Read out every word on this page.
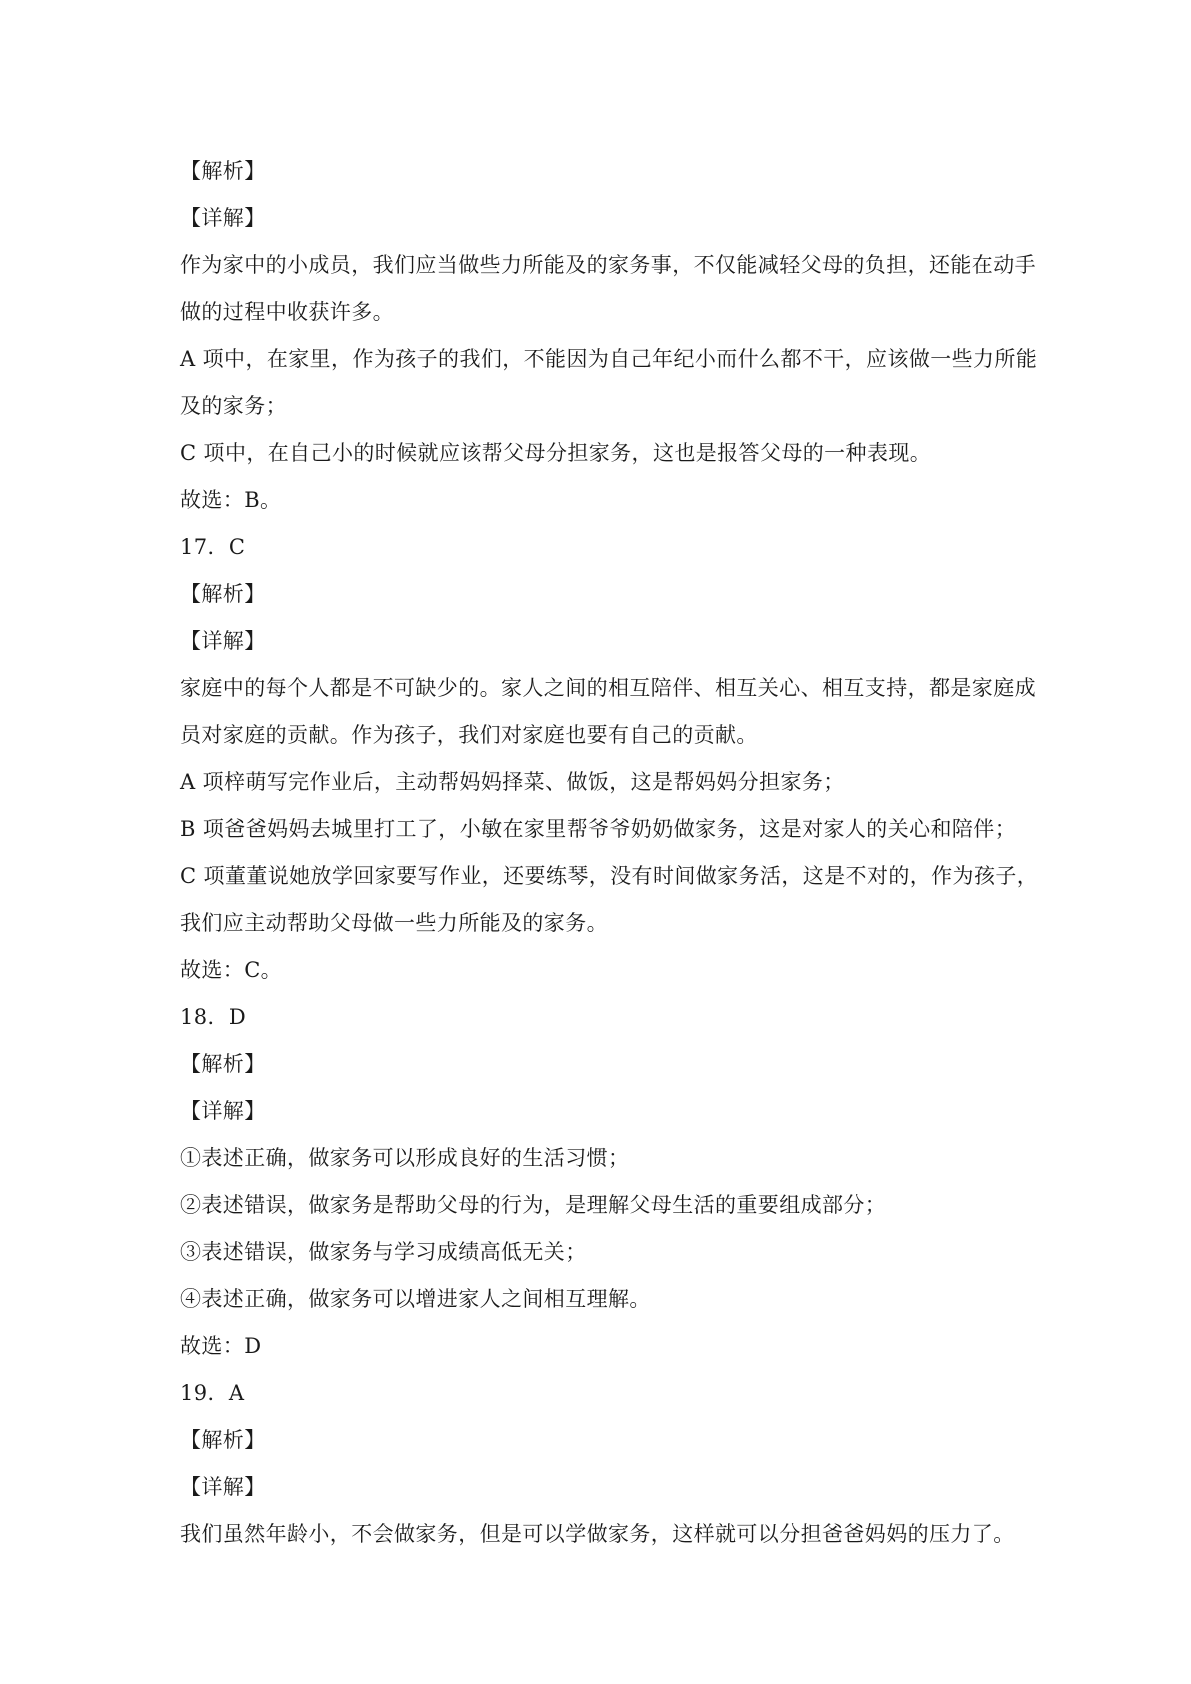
【解析】
【详解】
作为家中的小成员，我们应当做些力所能及的家务事，不仅能减轻父母的负担，还能在动手
做的过程中收获许多。
A 项中，在家里，作为孩子的我们，不能因为自己年纪小而什么都不干，应该做一些力所能
及的家务；
C 项中，在自己小的时候就应该帮父母分担家务，这也是报答父母的一种表现。
故选：B。
17．C
【解析】
【详解】
家庭中的每个人都是不可缺少的。家人之间的相互陪伴、相互关心、相互支持，都是家庭成
员对家庭的贡献。作为孩子，我们对家庭也要有自己的贡献。
A 项梓萌写完作业后，主动帮妈妈择菜、做饭，这是帮妈妈分担家务；
B 项爸爸妈妈去城里打工了，小敏在家里帮爷爷奶奶做家务，这是对家人的关心和陪伴；
C 项董董说她放学回家要写作业，还要练琴，没有时间做家务活，这是不对的，作为孩子，
我们应主动帮助父母做一些力所能及的家务。
故选：C。
18．D
【解析】
【详解】
①表述正确，做家务可以形成良好的生活习惯；
②表述错误，做家务是帮助父母的行为，是理解父母生活的重要组成部分；
③表述错误，做家务与学习成绩高低无关；
④表述正确，做家务可以增进家人之间相互理解。
故选：D
19．A
【解析】
【详解】
我们虽然年龄小，不会做家务，但是可以学做家务，这样就可以分担爸爸妈妈的压力了。
